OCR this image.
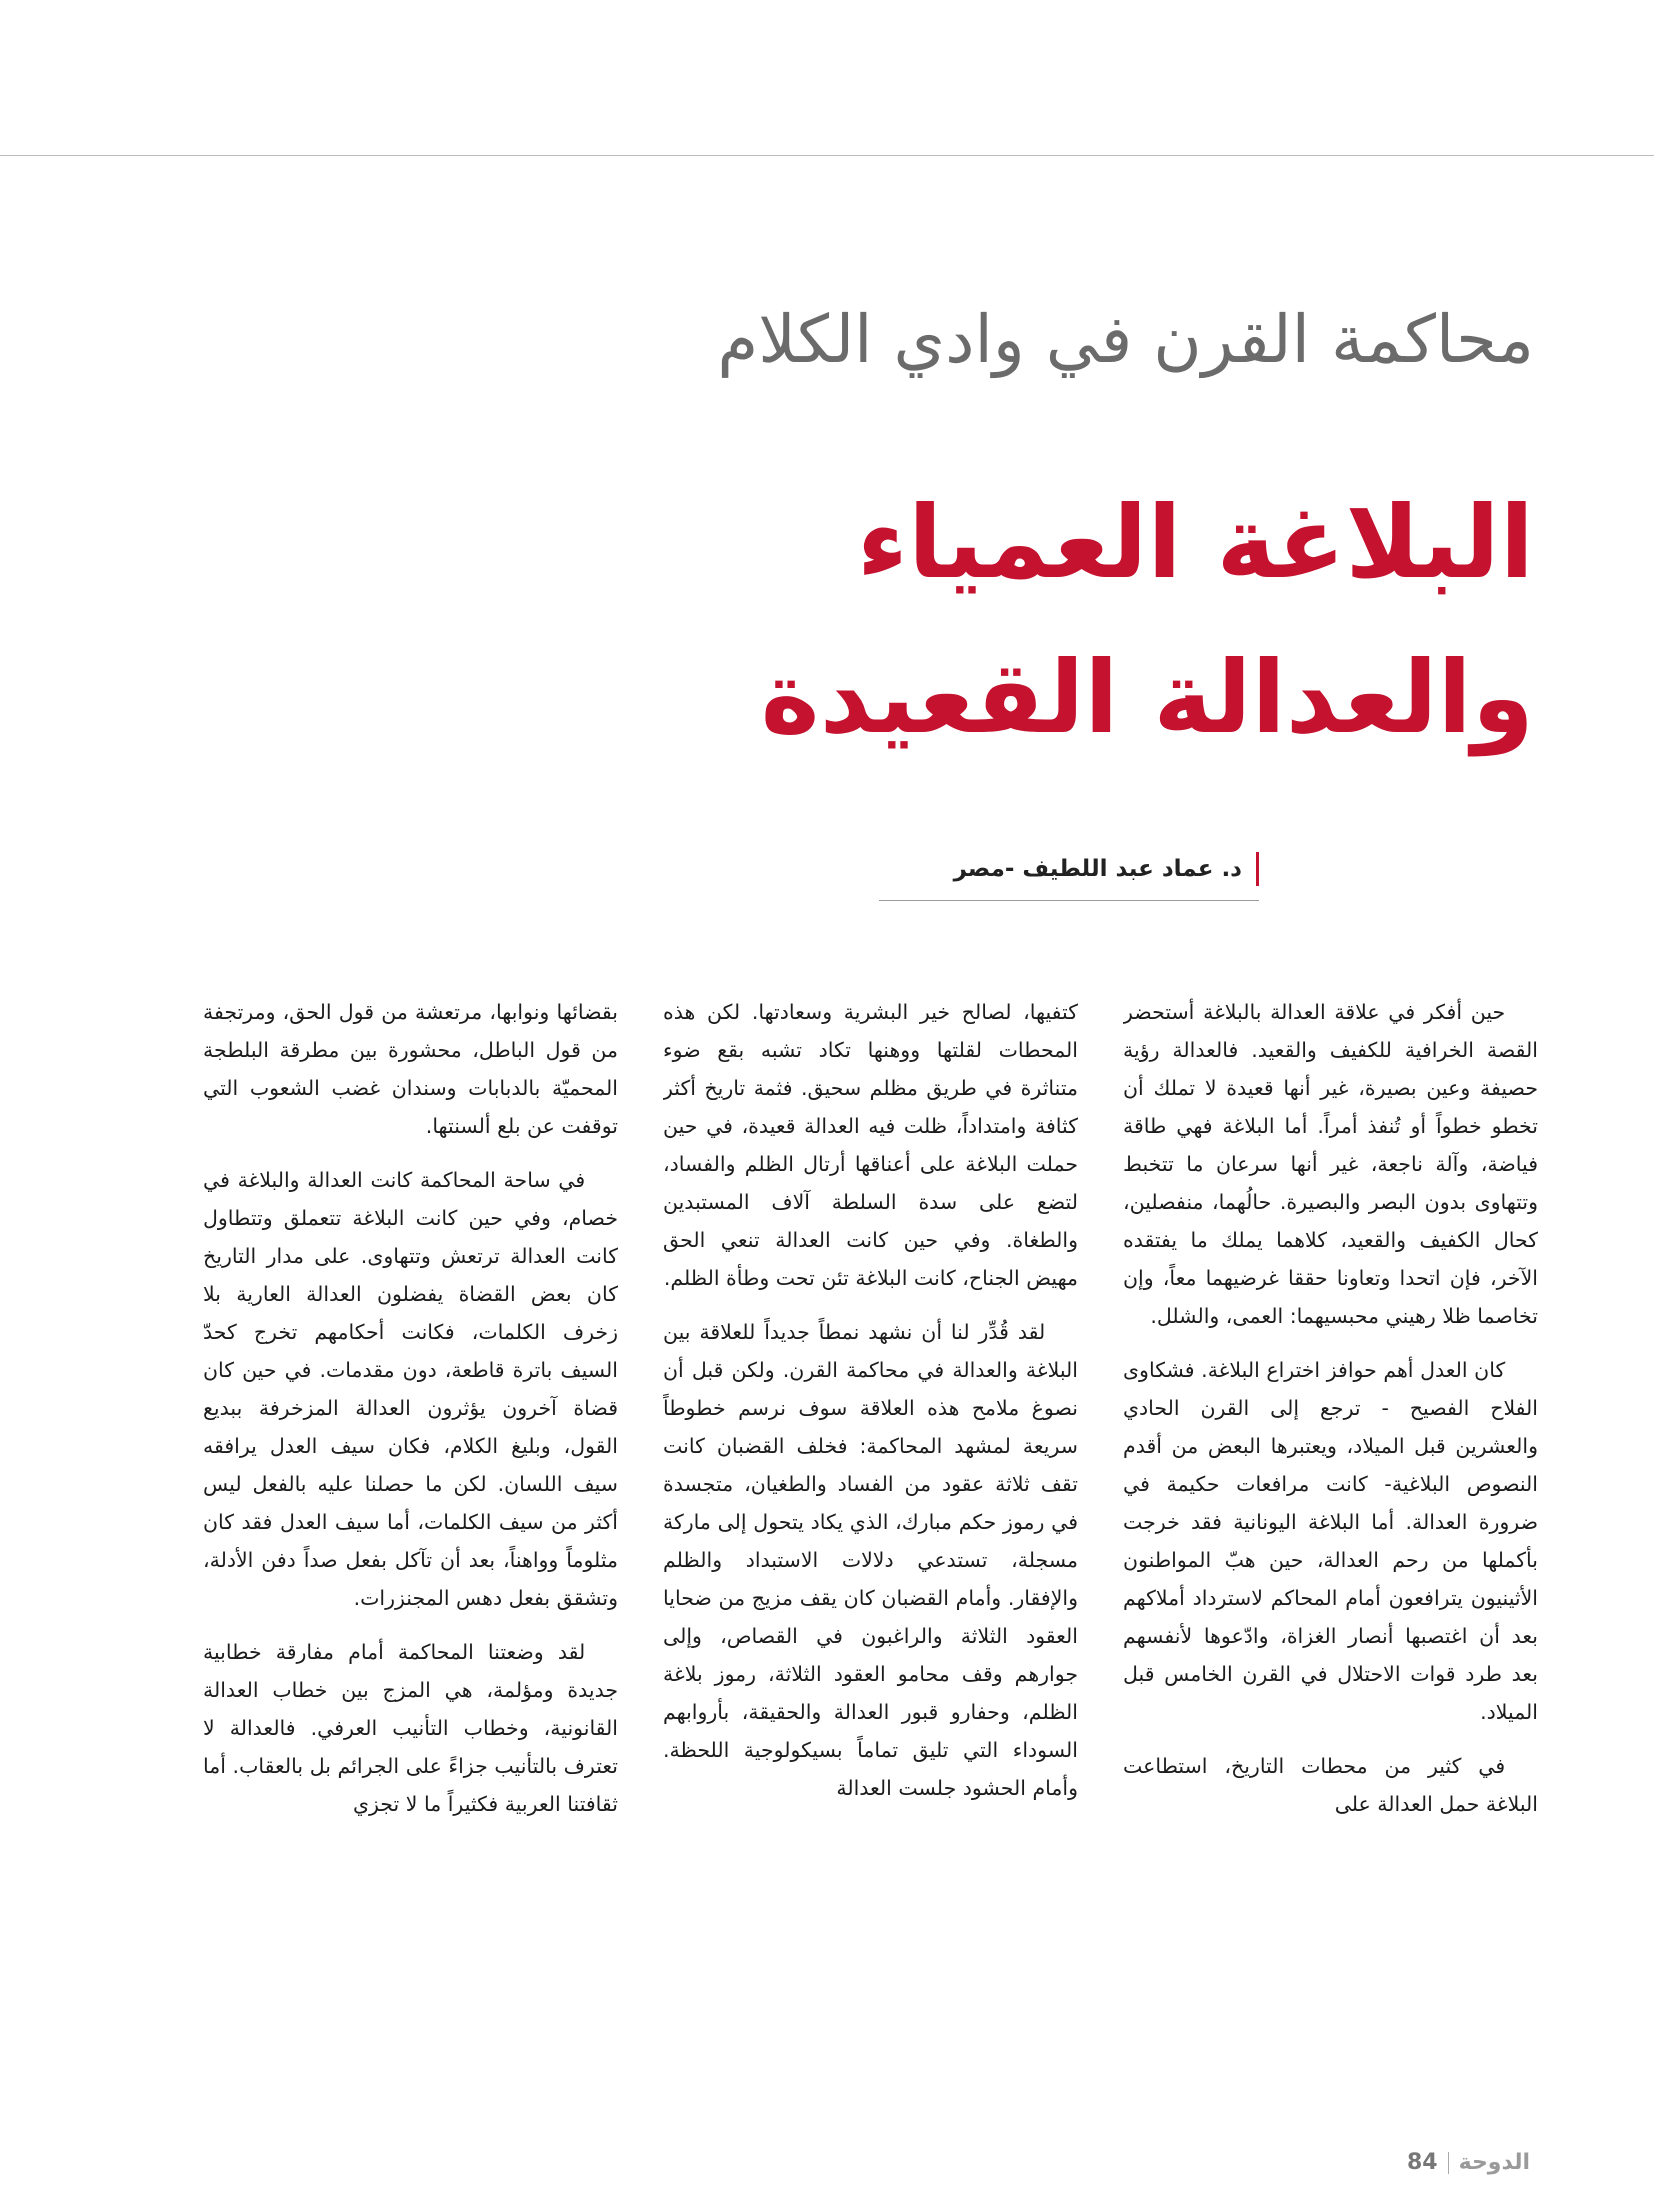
محاكمة القرن في وادي الكلام
البلاغة العمياء
والعدالة القعيدة
د. عماد عبد اللطيف -مصر

حين أفكر في علاقة العدالة بالبلاغة أستحضر القصة الخرافية للكفيف والقعيد. فالعدالة رؤية حصيفة وعين بصيرة، غير أنها قعيدة لا تملك أن تخطو خطواً أو تُنفذ أمراً. أما البلاغة فهي طاقة فياضة، وآلة ناجعة، غير أنها سرعان ما تتخبط وتتهاوى بدون البصر والبصيرة. حالُهما، منفصلين، كحال الكفيف والقعيد، كلاهما يملك ما يفتقده الآخر، فإن اتحدا وتعاونا حققا غرضيهما معاً، وإن تخاصما ظلا رهيني محبسيهما: العمى، والشلل.

كان العدل أهم حوافز اختراع البلاغة. فشكاوى الفلاح الفصيح - ترجع إلى القرن الحادي والعشرين قبل الميلاد، ويعتبرها البعض من أقدم النصوص البلاغية- كانت مرافعات حكيمة في ضرورة العدالة. أما البلاغة اليونانية فقد خرجت بأكملها من رحم العدالة، حين هبّ المواطنون الأثينيون يترافعون أمام المحاكم لاسترداد أملاكهم بعد أن اغتصبها أنصار الغزاة، وادّعوها لأنفسهم بعد طرد قوات الاحتلال في القرن الخامس قبل الميلاد.

في كثير من محطات التاريخ، استطاعت البلاغة حمل العدالة على

كتفيها، لصالح خير البشرية وسعادتها. لكن هذه المحطات لقلتها ووهنها تكاد تشبه بقع ضوء متناثرة في طريق مظلم سحيق. فثمة تاريخ أكثر كثافة وامتداداً، ظلت فيه العدالة قعيدة، في حين حملت البلاغة على أعناقها أرتال الظلم والفساد، لتضع على سدة السلطة آلاف المستبدين والطغاة. وفي حين كانت العدالة تنعي الحق مهيض الجناح، كانت البلاغة تئن تحت وطأة الظلم.

لقد قُدِّر لنا أن نشهد نمطاً جديداً للعلاقة بين البلاغة والعدالة في محاكمة القرن. ولكن قبل أن نصوغ ملامح هذه العلاقة سوف نرسم خطوطاً سريعة لمشهد المحاكمة: فخلف القضبان كانت تقف ثلاثة عقود من الفساد والطغيان، متجسدة في رموز حكم مبارك، الذي يكاد يتحول إلى ماركة مسجلة، تستدعي دلالات الاستبداد والظلم والإفقار. وأمام القضبان كان يقف مزيج من ضحايا العقود الثلاثة والراغبون في القصاص، وإلى جوارهم وقف محامو العقود الثلاثة، رموز بلاغة الظلم، وحفارو قبور العدالة والحقيقة، بأروابهم السوداء التي تليق تماماً بسيكولوجية اللحظة. وأمام الحشود جلست العدالة

بقضائها ونوابها، مرتعشة من قول الحق، ومرتجفة من قول الباطل، محشورة بين مطرقة البلطجة المحميّة بالدبابات وسندان غضب الشعوب التي توقفت عن بلع ألسنتها.

في ساحة المحاكمة كانت العدالة والبلاغة في خصام، وفي حين كانت البلاغة تتعملق وتتطاول كانت العدالة ترتعش وتتهاوى. على مدار التاريخ كان بعض القضاة يفضلون العدالة العارية بلا زخرف الكلمات، فكانت أحكامهم تخرج كحدّ السيف باترة قاطعة، دون مقدمات. في حين كان قضاة آخرون يؤثرون العدالة المزخرفة ببديع القول، وبليغ الكلام، فكان سيف العدل يرافقه سيف اللسان. لكن ما حصلنا عليه بالفعل ليس أكثر من سيف الكلمات، أما سيف العدل فقد كان مثلوماً وواهناً، بعد أن تآكل بفعل صداً دفن الأدلة، وتشقق بفعل دهس المجنزرات.

لقد وضعتنا المحاكمة أمام مفارقة خطابية جديدة ومؤلمة، هي المزج بين خطاب العدالة القانونية، وخطاب التأنيب العرفي. فالعدالة لا تعترف بالتأنيب جزاءً على الجرائم بل بالعقاب. أما ثقافتنا العربية فكثيراً ما لا تجزي

الدوحة84
